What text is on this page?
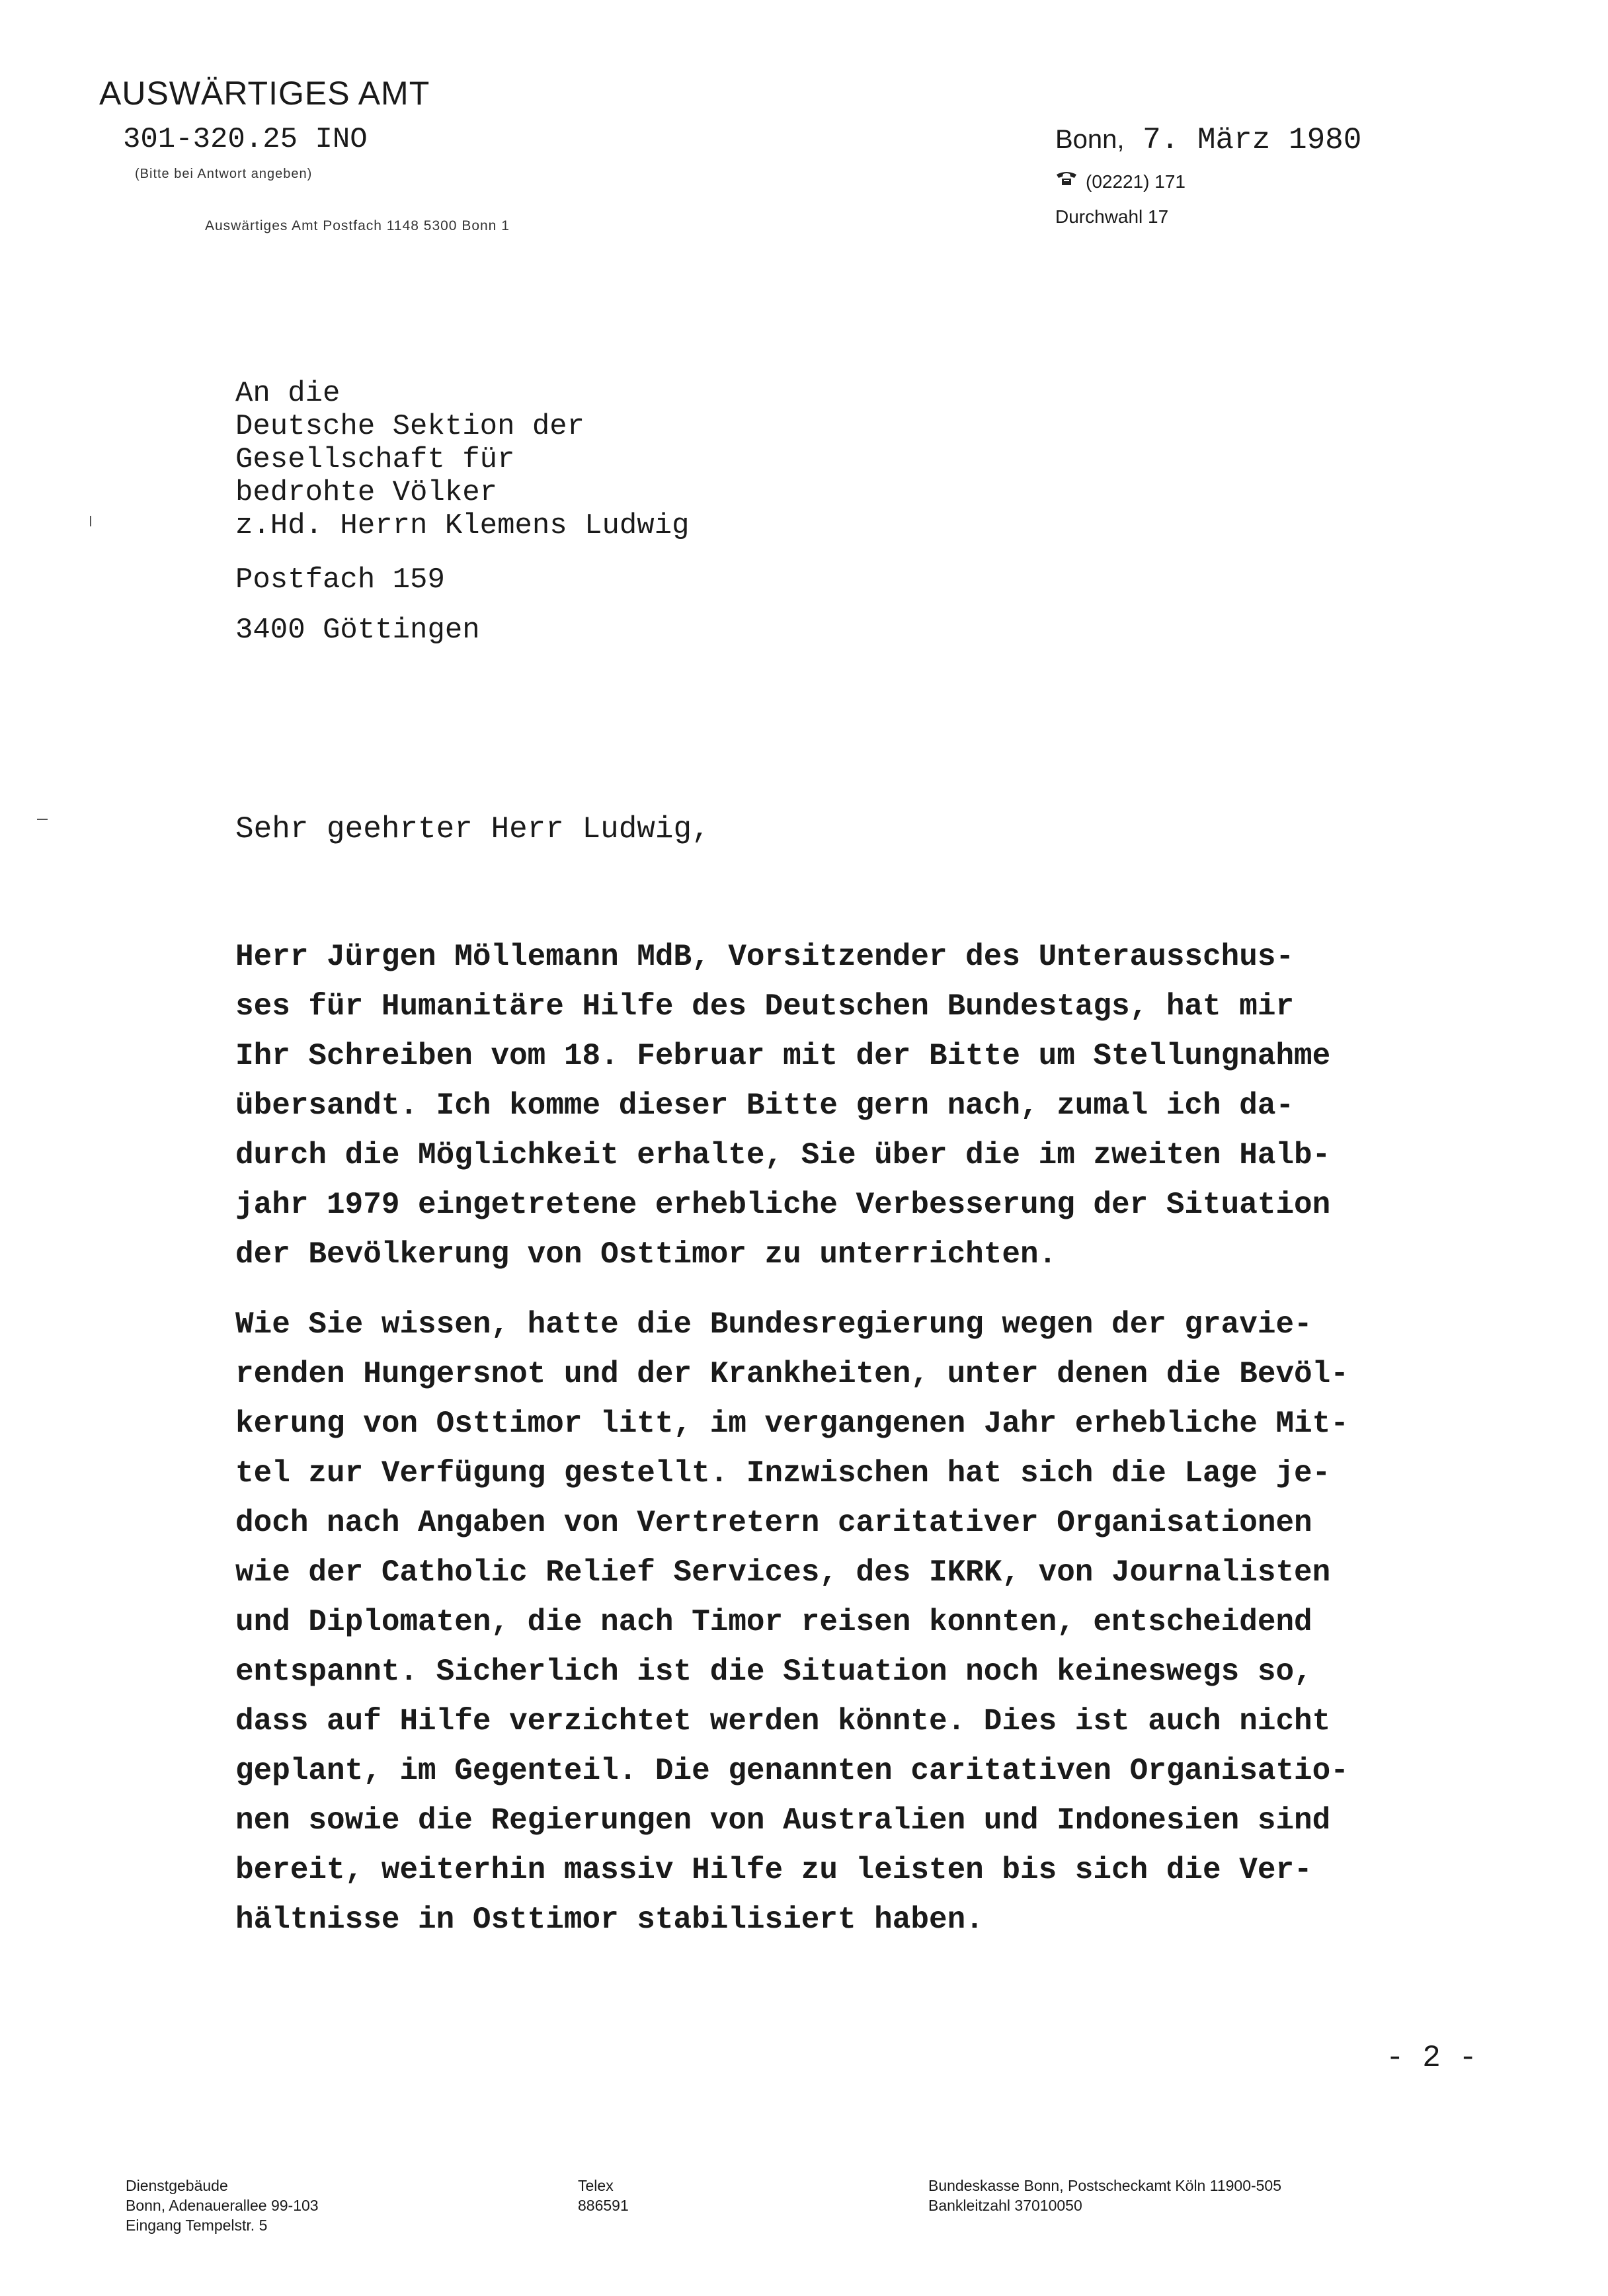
AUSWÄRTIGES AMT
301-320.25 INO
(Bitte bei Antwort angeben)
Auswärtiges Amt Postfach 1148 5300 Bonn 1
Bonn, 7. März 1980
(02221) 171
Durchwahl 17
An die
Deutsche Sektion der
Gesellschaft für
bedrohte Völker
z.Hd. Herrn Klemens Ludwig
Postfach 159
3400 Göttingen
Sehr geehrter Herr Ludwig,
Herr Jürgen Möllemann MdB, Vorsitzender des Unterausschus-
ses für Humanitäre Hilfe des Deutschen Bundestags, hat mir
Ihr Schreiben vom 18. Februar mit der Bitte um Stellungnahme
übersandt. Ich komme dieser Bitte gern nach, zumal ich da-
durch die Möglichkeit erhalte, Sie über die im zweiten Halb-
jahr 1979 eingetretene erhebliche Verbesserung der Situation
der Bevölkerung von Osttimor zu unterrichten.
Wie Sie wissen, hatte die Bundesregierung wegen der gravie-
renden Hungersnot und der Krankheiten, unter denen die Bevöl-
kerung von Osttimor litt, im vergangenen Jahr erhebliche Mit-
tel zur Verfügung gestellt. Inzwischen hat sich die Lage je-
doch nach Angaben von Vertretern caritativer Organisationen
wie der Catholic Relief Services, des IKRK, von Journalisten
und Diplomaten, die nach Timor reisen konnten, entscheidend
entspannt. Sicherlich ist die Situation noch keineswegs so,
dass auf Hilfe verzichtet werden könnte. Dies ist auch nicht
geplant, im Gegenteil. Die genannten caritativen Organisatio-
nen sowie die Regierungen von Australien und Indonesien sind
bereit, weiterhin massiv Hilfe zu leisten bis sich die Ver-
hältnisse in Osttimor stabilisiert haben.
- 2 -
Dienstgebäude
Bonn, Adenauerallee 99-103
Eingang Tempelstr. 5
Telex
886591
Bundeskasse Bonn, Postscheckamt Köln 11900-505
Bankleitzahl 37010050
